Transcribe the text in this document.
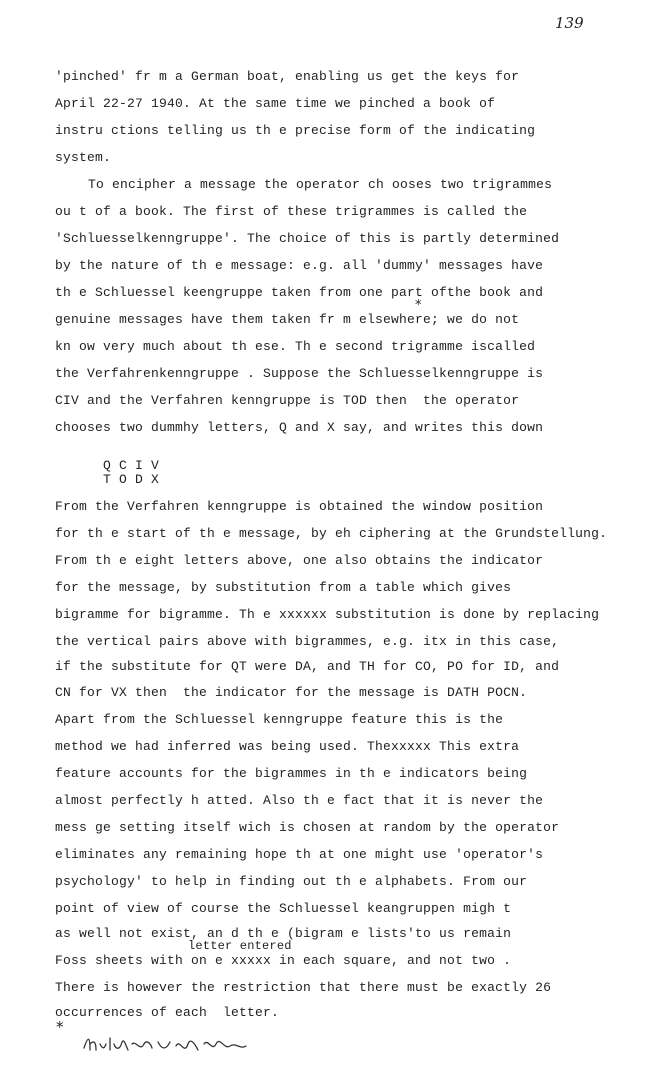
139
'pinched' fr m a German boat, enabling us get the keys for
April 22-27 1940. At the same time we pinched a book of
instru ctions telling us th e precise form of the indicating
system.
To encipher a message the operator ch ooses two trigrammes
ou t of a book. The first of these trigrammes is called the
'Schluesselkenngruppe'. The choice of this is partly determined
by the nature of th e message: e.g. all 'dummy' messages have
th e Schluessel keengruppe taken from one part ofthe book and
*
genuine messages have them taken fr m elsewhere; we do not
kn ow very much about th ese. Th e second trigramme iscalled
the Verfahrenkenngruppe . Suppose the Schluesselkenngruppe is
CIV and the Verfahren kenngruppe is TOD then  the operator
chooses two dummhy letters, Q and X say, and writes this down
Q C I V
T O D X
From the Verfahren kenngruppe is obtained the window position
for th e start of th e message, by eh ciphering at the Grundstellung.
From th e eight letters above, one also obtains the indicator
for the message, by substitution from a table which gives
bigramme for bigramme. Th e xxxxxx substitution is done by replacing
the vertical pairs above with bigrammes, e.g. itx in this case,
if the substitute for QT were DA, and TH for CO, PO for ID, and
CN for VX then  the indicator for the message is DATH POCN.
Apart from the Schluessel kenngruppe feature this is the
method we had inferred was being used. Thexxxxx This extra
feature accounts for the bigrammes in th e indicators being
almost perfectly h atted. Also th e fact that it is never the
mess ge setting itself wich is chosen at random by the operator
eliminates any remaining hope th at one might use 'operator's
psychology' to help in finding out th e alphabets. From our
point of view of course the Schluessel keangruppen migh t
as well not exist, an d th e (bigram e lists'to us remain
letter entered
Foss sheets with on e xxxxx in each square, and not two .
There is however the restriction that there must be exactly 26
occurrences of each  letter.
*
